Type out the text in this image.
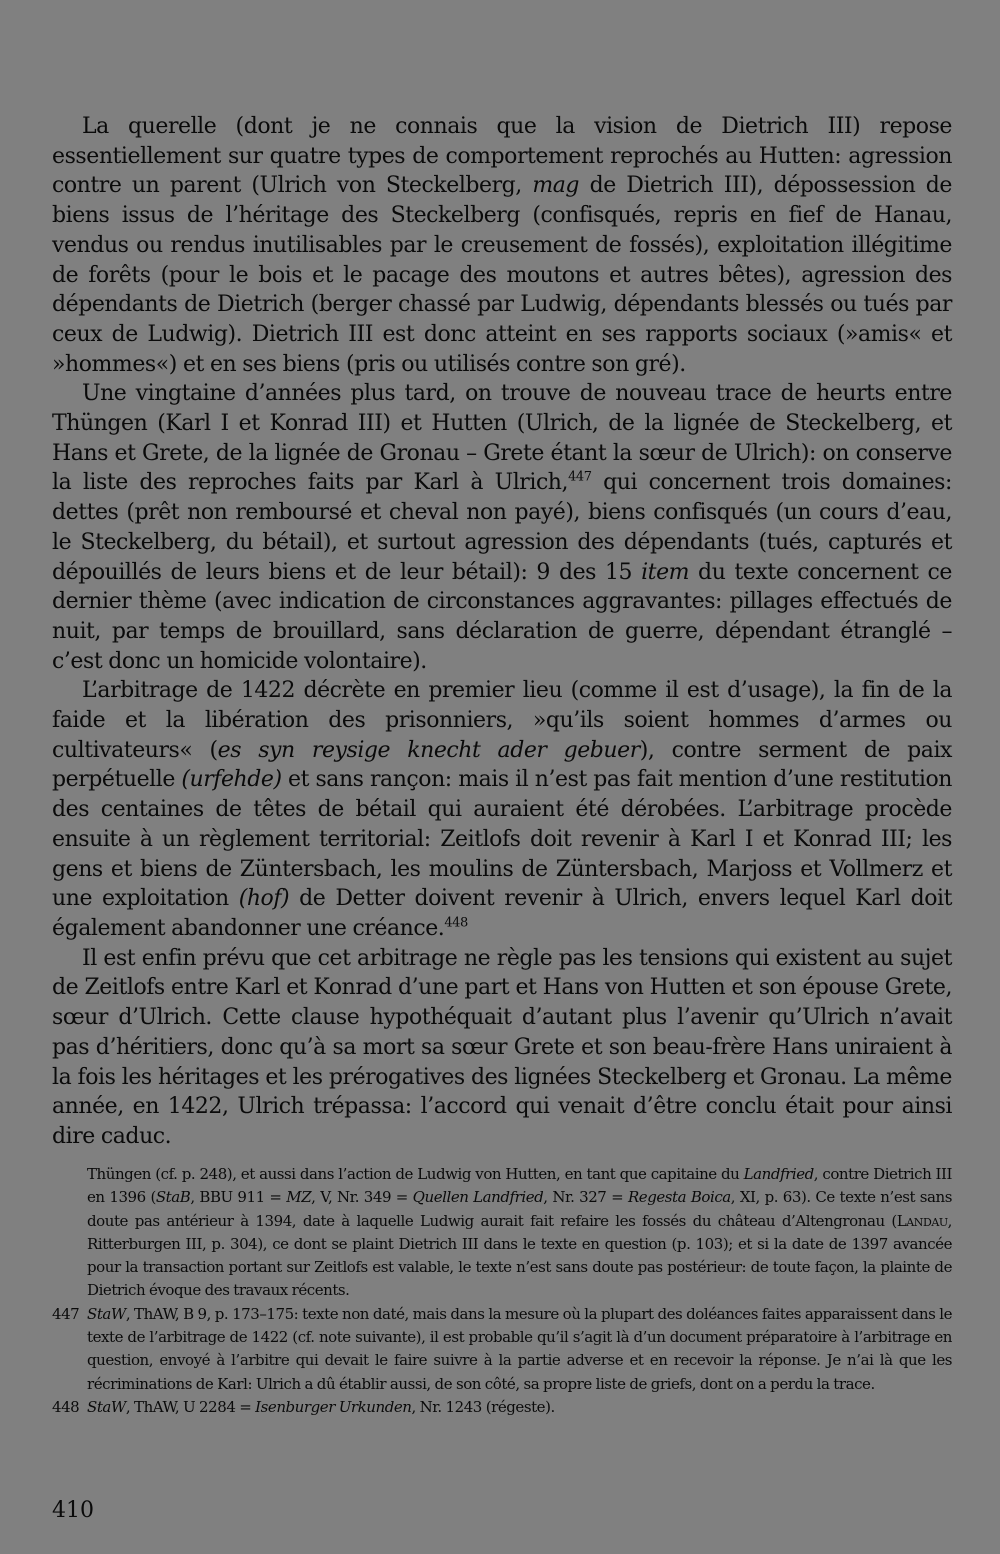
La querelle (dont je ne connais que la vision de Dietrich III) repose essentiellement sur quatre types de comportement reprochés au Hutten: agression contre un parent (Ulrich von Steckelberg, mag de Dietrich III), dépossession de biens issus de l’héritage des Steckelberg (confisqués, repris en fief de Hanau, vendus ou rendus inutilisables par le creusement de fossés), exploitation illégitime de forêts (pour le bois et le pacage des moutons et autres bêtes), agression des dépendants de Dietrich (berger chassé par Ludwig, dépendants blessés ou tués par ceux de Ludwig). Dietrich III est donc atteint en ses rapports sociaux (»amis« et »hommes«) et en ses biens (pris ou utilisés contre son gré).

Une vingtaine d’années plus tard, on trouve de nouveau trace de heurts entre Thüngen (Karl I et Konrad III) et Hutten (Ulrich, de la lignée de Steckelberg, et Hans et Grete, de la lignée de Gronau – Grete étant la sœur de Ulrich): on conserve la liste des reproches faits par Karl à Ulrich,$^{447}$ qui concernent trois domaines: dettes (prêt non remboursé et cheval non payé), biens confisqués (un cours d’eau, le Steckelberg, du bétail), et surtout agression des dépendants (tués, capturés et dépouillés de leurs biens et de leur bétail): 9 des 15 item du texte concernent ce dernier thème (avec indication de circonstances aggravantes: pillages effectués de nuit, par temps de brouillard, sans déclaration de guerre, dépendant étranglé – c’est donc un homicide volontaire).

L’arbitrage de 1422 décrète en premier lieu (comme il est d’usage), la fin de la faide et la libération des prisonniers, »qu’ils soient hommes d’armes ou cultivateurs« (es syn reysige knecht ader gebuer), contre serment de paix perpétuelle (urfehde) et sans rançon: mais il n’est pas fait mention d’une restitution des centaines de têtes de bétail qui auraient été dérobées. L’arbitrage procède ensuite à un règlement territorial: Zeitlofs doit revenir à Karl I et Konrad III; les gens et biens de Züntersbach, les moulins de Züntersbach, Marjoss et Vollmerz et une exploitation (hof) de Detter doivent revenir à Ulrich, envers lequel Karl doit également abandonner une créance.$^{448}$

Il est enfin prévu que cet arbitrage ne règle pas les tensions qui existent au sujet de Zeitlofs entre Karl et Konrad d’une part et Hans von Hutten et son épouse Grete, sœur d’Ulrich. Cette clause hypothéquait d’autant plus l’avenir qu’Ulrich n’avait pas d’héritiers, donc qu’à sa mort sa sœur Grete et son beau-frère Hans uniraient à la fois les héritages et les prérogatives des lignées Steckelberg et Gronau. La même année, en 1422, Ulrich trépassa: l’accord qui venait d’être conclu était pour ainsi dire caduc.

Thüngen (cf. p. 248), et aussi dans l’action de Ludwig von Hutten, en tant que capitaine du Landfried, contre Dietrich III en 1396 (StaB, BBU 911 = MZ, V, Nr. 349 = Quellen Landfried, Nr. 327 = Regesta Boica, XI, p. 63). Ce texte n’est sans doute pas antérieur à 1394, date à laquelle Ludwig aurait fait refaire les fossés du château d’Altengronau (Landau, Ritterburgen III, p. 304), ce dont se plaint Dietrich III dans le texte en question (p. 103); et si la date de 1397 avancée pour la transaction portant sur Zeitlofs est valable, le texte n’est sans doute pas postérieur: de toute façon, la plainte de Dietrich évoque des travaux récents.

447 StaW, ThAW, B 9, p. 173–175: texte non daté, mais dans la mesure où la plupart des doléances faites apparaissent dans le texte de l’arbitrage de 1422 (cf. note suivante), il est probable qu’il s’agit là d’un document préparatoire à l’arbitrage en question, envoyé à l’arbitre qui devait le faire suivre à la partie adverse et en recevoir la réponse. Je n’ai là que les récriminations de Karl: Ulrich a dû établir aussi, de son côté, sa propre liste de griefs, dont on a perdu la trace.

448 StaW, ThAW, U 2284 = Isenburger Urkunden, Nr. 1243 (régeste).

410
